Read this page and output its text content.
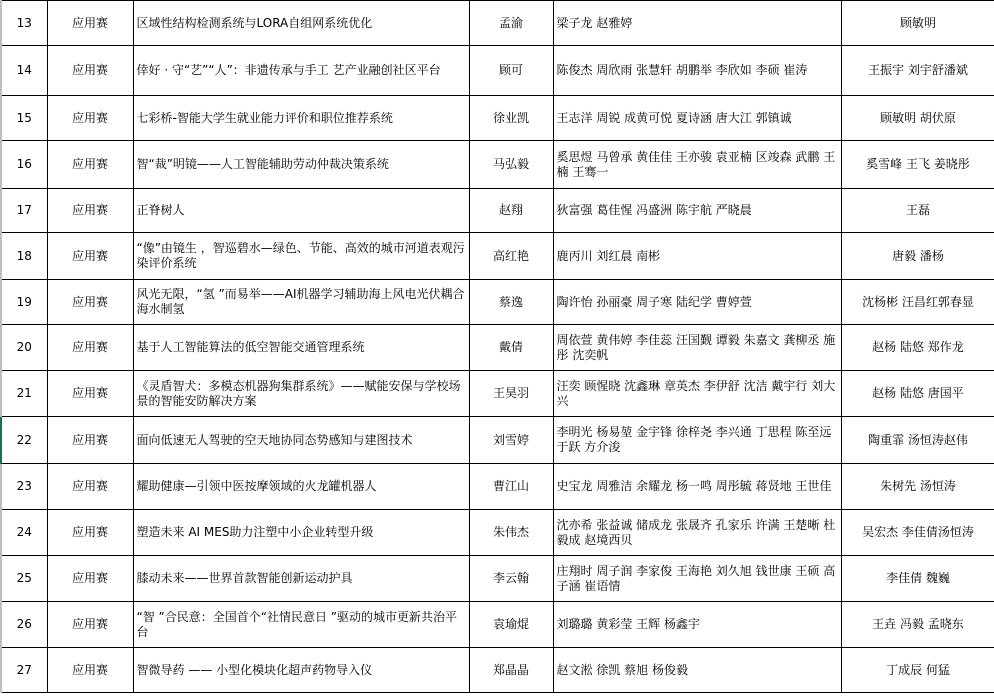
13	应用赛	区域性结构检测系统与LORA自组网系统优化	孟渝	梁子龙 赵雅婷	顾敏明
14	应用赛	倖好 · 守“艺”“人”：非遗传承与手工 艺产业融创社区平台	顾可	陈俊杰 周欣雨 张慧轩 胡鹏举 李欣如 李硕 崔涛	王振宇 刘宇舒潘斌
15	应用赛	七彩桥-智能大学生就业能力评价和职位推荐系统	徐业凯	王志洋 周锐 成黄可悦 夏诗涵 唐大江 郭镇诚	顾敏明 胡伏原
16	应用赛	智“裁”明镜——人工智能辅助劳动仲裁决策系统	马弘毅	奚思煜 马曾承 黄佳佳 王亦骏 袁亚楠 区竣森 武鹏 王楠 王骞一	奚雪峰 王飞 姜晓彤
17	应用赛	正脊树人	赵翔	狄富强 葛佳惺 冯盛洲 陈宇航 严晓晨	王磊
18	应用赛	“像”由镜生 ，智巡碧水—绿色、节能、高效的城市河道表观污染评价系统	高红艳	鹿丙川 刘红晨 南彬	唐毅 潘杨
19	应用赛	风光无限，“氢 ”而易举——AI机器学习辅助海上风电光伏耦合海水制氢	蔡逸	陶许怡 孙丽豪 周子寒 陆纪学 曹婷萱	沈杨彬 汪昌红郭春显
20	应用赛	基于人工智能算法的低空智能交通管理系统	戴倩	周依萱 黄伟婷 李佳蕊 汪国觐 谭毅 朱嘉文 龚柳丞 施彤 沈奕帆	赵杨 陆悠 郑作龙
21	应用赛	《灵盾智犬：多模态机器狗集群系统》——赋能安保与学校场景的智能安防解决方案	王昊羽	汪奕 顾惺晓 沈鑫琳 章英杰 李伊舒 沈洁 戴宇行 刘大兴	赵杨 陆悠 唐国平
22	应用赛	面向低速无人驾驶的空天地协同态势感知与建图技术	刘雪婷	李明光 杨易堃 金宇锋 徐梓尧 李兴通 丁思程 陈至远 于跃 方介浚	陶重霏 汤恒涛赵伟
23	应用赛	耀助健康—引领中医按摩领域的火龙罐机器人	曹江山	史宝龙 周雅洁 余耀龙 杨一鸣 周彤毓 蒋贤地 王世佳	朱树先 汤恒涛
24	应用赛	塑造未来 AI MES助力注塑中小企业转型升级	朱伟杰	沈亦希 张益诚 储成龙 张晟齐 孔家乐 许满 王楚晰 杜毅成 赵境西贝	吴宏杰 李佳倩汤恒涛
25	应用赛	膝动未来——世界首款智能创新运动护具	李云翰	庄翔时 周子润 李家俊 王海艳 刘久旭 钱世康 王硕 高子涵 崔语情	李佳倩 魏巍
26	应用赛	“智 ”合民意：全国首个“社情民意日 ”驱动的城市更新共治平台	袁瑜焜	刘璐璐 黄彩莹 王辉 杨鑫宇	王垚 冯毅 孟晓东
27	应用赛	智微导药 —— 小型化模块化超声药物导入仪	郑晶晶	赵文淞 徐凯 蔡旭 杨俊毅	丁成辰 何猛
